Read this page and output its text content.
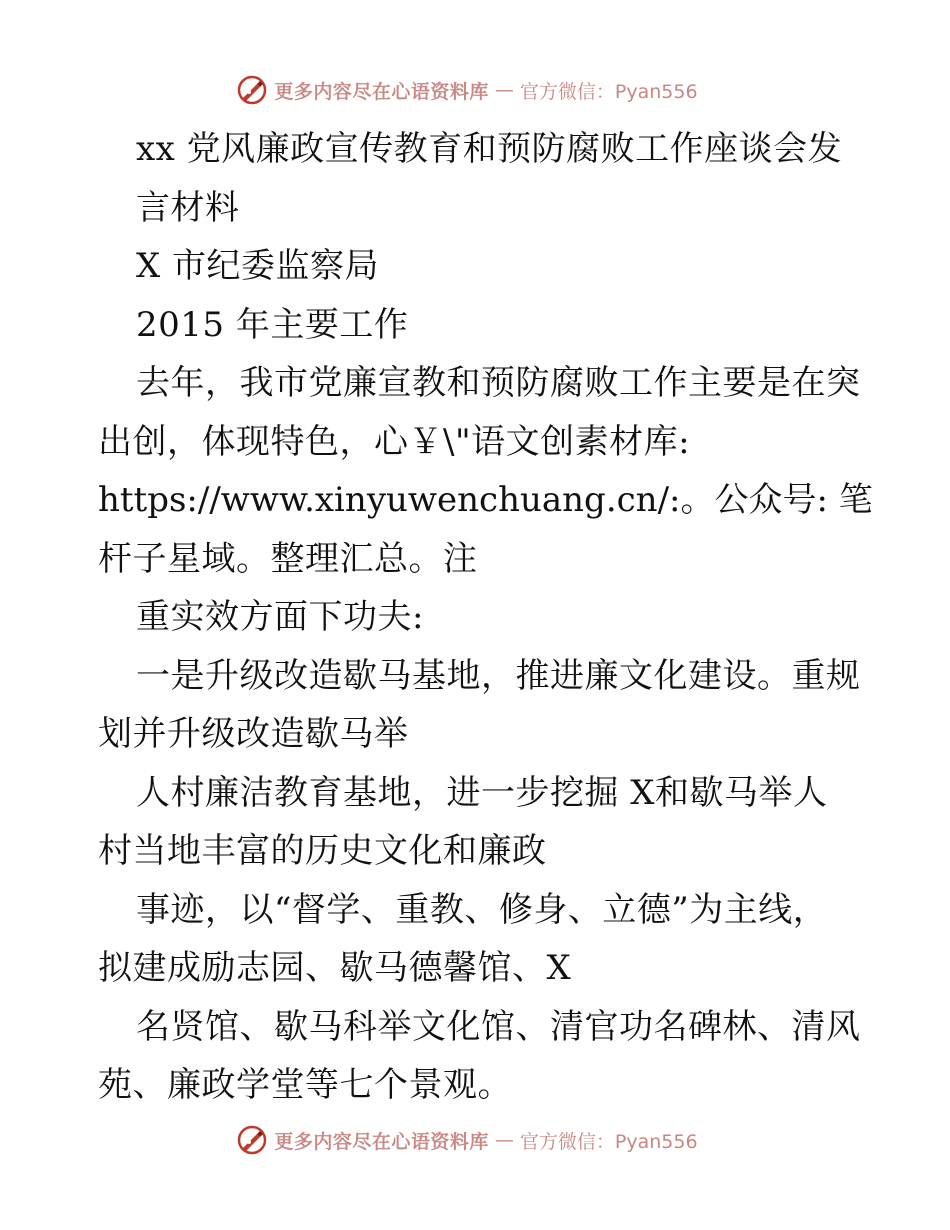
更多内容尽在心语资料库 — 官方微信：Pyan556
xx 党风廉政宣传教育和预防腐败工作座谈会发
言材料
X 市纪委监察局
2015 年主要工作
去年，我市党廉宣教和预防腐败工作主要是在突
出创，体现特色，心￥\"语文创素材库:
https://www.xinyuwenchuang.cn/:。公众号: 笔
杆子星域。整理汇总。注
重实效方面下功夫:
一是升级改造歇马基地，推进廉文化建设。重规
划并升级改造歇马举
人村廉洁教育基地，进一步挖掘 X和歇马举人
村当地丰富的历史文化和廉政
事迹，以“督学、重教、修身、立德”为主线，
拟建成励志园、歇马德馨馆、X
名贤馆、歇马科举文化馆、清官功名碑林、清风
苑、廉政学堂等七个景观。
更多内容尽在心语资料库 — 官方微信：Pyan556
